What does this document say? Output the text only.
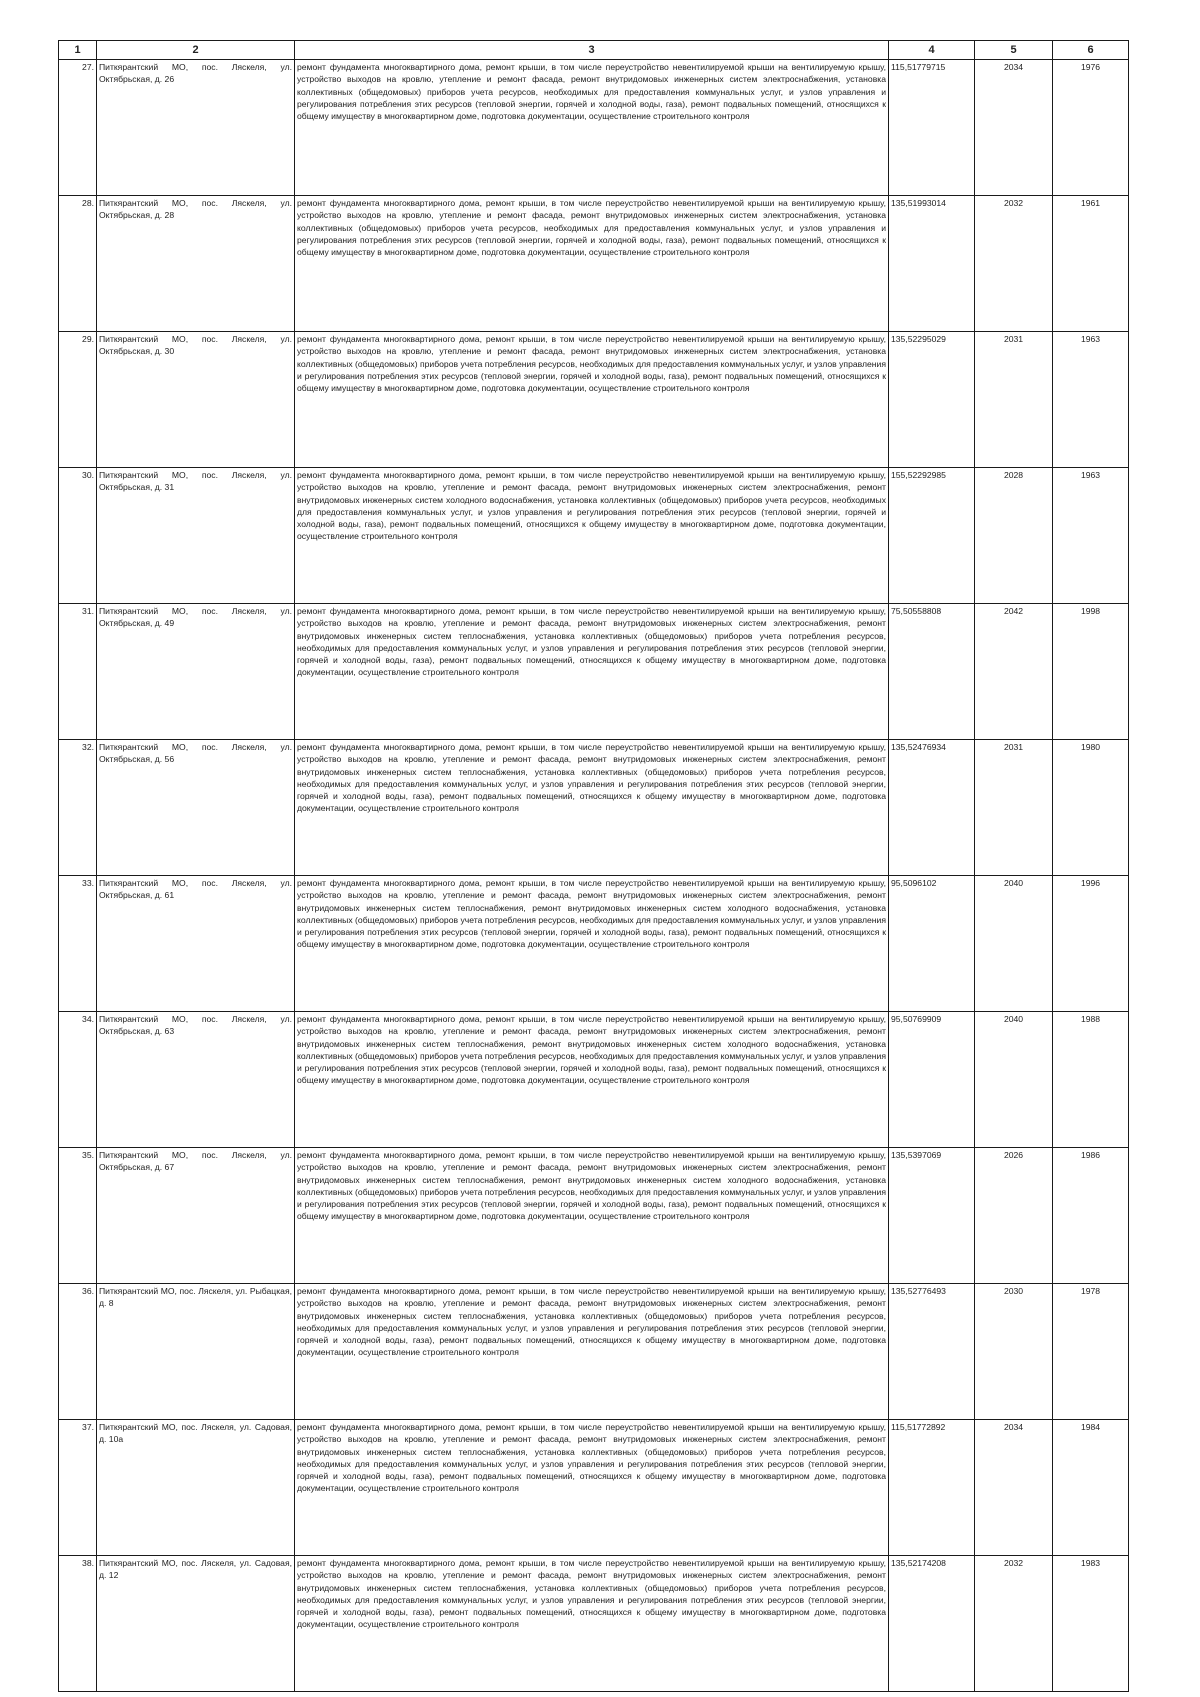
1	2	3	4	5	6
27.	Питкярантский МО, пос. Ляскеля, ул. Октябрьская, д. 26	ремонт фундамента многоквартирного дома, ремонт крыши, в том числе переустройство невентилируемой крыши на вентилируемую крышу, устройство выходов на кровлю, утепление и ремонт фасада, ремонт внутридомовых инженерных систем электроснабжения, установка коллективных (общедомовых) приборов учета ресурсов, необходимых для предоставления коммунальных услуг, и узлов управления и регулирования потребления этих ресурсов (тепловой энергии, горячей и холодной воды, газа), ремонт подвальных помещений, относящихся к общему имуществу в многоквартирном доме, подготовка документации, осуществление строительного контроля	115,51779715	2034	1976
28.	Питкярантский МО, пос. Ляскеля, ул. Октябрьская, д. 28	ремонт фундамента многоквартирного дома, ремонт крыши, в том числе переустройство невентилируемой крыши на вентилируемую крышу, устройство выходов на кровлю, утепление и ремонт фасада, ремонт внутридомовых инженерных систем электроснабжения, установка коллективных (общедомовых) приборов учета ресурсов, необходимых для предоставления коммунальных услуг, и узлов управления и регулирования потребления этих ресурсов (тепловой энергии, горячей и холодной воды, газа), ремонт подвальных помещений, относящихся к общему имуществу в многоквартирном доме, подготовка документации, осуществление строительного контроля	135,51993014	2032	1961
29.	Питкярантский МО, пос. Ляскеля, ул. Октябрьская, д. 30	ремонт фундамента многоквартирного дома, ремонт крыши, в том числе переустройство невентилируемой крыши на вентилируемую крышу, устройство выходов на кровлю, утепление и ремонт фасада, ремонт внутридомовых инженерных систем электроснабжения, установка коллективных (общедомовых) приборов учета потребления ресурсов, необходимых для предоставления коммунальных услуг, и узлов управления и регулирования потребления этих ресурсов (тепловой энергии, горячей и холодной воды, газа), ремонт подвальных помещений, относящихся к общему имуществу в многоквартирном доме, подготовка документации, осуществление строительного контроля	135,52295029	2031	1963
30.	Питкярантский МО, пос. Ляскеля, ул. Октябрьская, д. 31	ремонт фундамента многоквартирного дома, ремонт крыши, в том числе переустройство невентилируемой крыши на вентилируемую крышу, устройство выходов на кровлю, утепление и ремонт фасада, ремонт внутридомовых инженерных систем электроснабжения, ремонт внутридомовых инженерных систем холодного водоснабжения, установка коллективных (общедомовых) приборов учета ресурсов, необходимых для предоставления коммунальных услуг, и узлов управления и регулирования потребления этих ресурсов (тепловой энергии, горячей и холодной воды, газа), ремонт подвальных помещений, относящихся к общему имуществу в многоквартирном доме, подготовка документации, осуществление строительного контроля	155,52292985	2028	1963
31.	Питкярантский МО, пос. Ляскеля, ул. Октябрьская, д. 49	ремонт фундамента многоквартирного дома, ремонт крыши, в том числе переустройство невентилируемой крыши на вентилируемую крышу, устройство выходов на кровлю, утепление и ремонт фасада, ремонт внутридомовых инженерных систем электроснабжения, ремонт внутридомовых инженерных систем теплоснабжения, установка коллективных (общедомовых) приборов учета потребления ресурсов, необходимых для предоставления коммунальных услуг, и узлов управления и регулирования потребления этих ресурсов (тепловой энергии, горячей и холодной воды, газа), ремонт подвальных помещений, относящихся к общему имуществу в многоквартирном доме, подготовка документации, осуществление строительного контроля	75,50558808	2042	1998
32.	Питкярантский МО, пос. Ляскеля, ул. Октябрьская, д. 56	ремонт фундамента многоквартирного дома, ремонт крыши, в том числе переустройство невентилируемой крыши на вентилируемую крышу, устройство выходов на кровлю, утепление и ремонт фасада, ремонт внутридомовых инженерных систем электроснабжения, ремонт внутридомовых инженерных систем теплоснабжения, установка коллективных (общедомовых) приборов учета потребления ресурсов, необходимых для предоставления коммунальных услуг, и узлов управления и регулирования потребления этих ресурсов (тепловой энергии, горячей и холодной воды, газа), ремонт подвальных помещений, относящихся к общему имуществу в многоквартирном доме, подготовка документации, осуществление строительного контроля	135,52476934	2031	1980
33.	Питкярантский МО, пос. Ляскеля, ул. Октябрьская, д. 61	ремонт фундамента многоквартирного дома, ремонт крыши, в том числе переустройство невентилируемой крыши на вентилируемую крышу, устройство выходов на кровлю, утепление и ремонт фасада, ремонт внутридомовых инженерных систем электроснабжения, ремонт внутридомовых инженерных систем теплоснабжения, ремонт внутридомовых инженерных систем холодного водоснабжения, установка коллективных (общедомовых) приборов учета потребления ресурсов, необходимых для предоставления коммунальных услуг, и узлов управления и регулирования потребления этих ресурсов (тепловой энергии, горячей и холодной воды, газа), ремонт подвальных помещений, относящихся к общему имуществу в многоквартирном доме, подготовка документации, осуществление строительного контроля	95,5096102	2040	1996
34.	Питкярантский МО, пос. Ляскеля, ул. Октябрьская, д. 63	ремонт фундамента многоквартирного дома, ремонт крыши, в том числе переустройство невентилируемой крыши на вентилируемую крышу, устройство выходов на кровлю, утепление и ремонт фасада, ремонт внутридомовых инженерных систем электроснабжения, ремонт внутридомовых инженерных систем теплоснабжения, ремонт внутридомовых инженерных систем холодного водоснабжения, установка коллективных (общедомовых) приборов учета потребления ресурсов, необходимых для предоставления коммунальных услуг, и узлов управления и регулирования потребления этих ресурсов (тепловой энергии, горячей и холодной воды, газа), ремонт подвальных помещений, относящихся к общему имуществу в многоквартирном доме, подготовка документации, осуществление строительного контроля	95,50769909	2040	1988
35.	Питкярантский МО, пос. Ляскеля, ул. Октябрьская, д. 67	ремонт фундамента многоквартирного дома, ремонт крыши, в том числе переустройство невентилируемой крыши на вентилируемую крышу, устройство выходов на кровлю, утепление и ремонт фасада, ремонт внутридомовых инженерных систем электроснабжения, ремонт внутридомовых инженерных систем теплоснабжения, ремонт внутридомовых инженерных систем холодного водоснабжения, установка коллективных (общедомовых) приборов учета потребления ресурсов, необходимых для предоставления коммунальных услуг, и узлов управления и регулирования потребления этих ресурсов (тепловой энергии, горячей и холодной воды, газа), ремонт подвальных помещений, относящихся к общему имуществу в многоквартирном доме, подготовка документации, осуществление строительного контроля	135,5397069	2026	1986
36.	Питкярантский МО, пос. Ляскеля, ул. Рыбацкая, д. 8	ремонт фундамента многоквартирного дома, ремонт крыши, в том числе переустройство невентилируемой крыши на вентилируемую крышу, устройство выходов на кровлю, утепление и ремонт фасада, ремонт внутридомовых инженерных систем электроснабжения, ремонт внутридомовых инженерных систем теплоснабжения, установка коллективных (общедомовых) приборов учета потребления ресурсов, необходимых для предоставления коммунальных услуг, и узлов управления и регулирования потребления этих ресурсов (тепловой энергии, горячей и холодной воды, газа), ремонт подвальных помещений, относящихся к общему имуществу в многоквартирном доме, подготовка документации, осуществление строительного контроля	135,52776493	2030	1978
37.	Питкярантский МО, пос. Ляскеля, ул. Садовая, д. 10а	ремонт фундамента многоквартирного дома, ремонт крыши, в том числе переустройство невентилируемой крыши на вентилируемую крышу, устройство выходов на кровлю, утепление и ремонт фасада, ремонт внутридомовых инженерных систем электроснабжения, ремонт внутридомовых инженерных систем теплоснабжения, установка коллективных (общедомовых) приборов учета потребления ресурсов, необходимых для предоставления коммунальных услуг, и узлов управления и регулирования потребления этих ресурсов (тепловой энергии, горячей и холодной воды, газа), ремонт подвальных помещений, относящихся к общему имуществу в многоквартирном доме, подготовка документации, осуществление строительного контроля	115,51772892	2034	1984
38.	Питкярантский МО, пос. Ляскеля, ул. Садовая, д. 12	ремонт фундамента многоквартирного дома, ремонт крыши, в том числе переустройство невентилируемой крыши на вентилируемую крышу, устройство выходов на кровлю, утепление и ремонт фасада, ремонт внутридомовых инженерных систем электроснабжения, ремонт внутридомовых инженерных систем теплоснабжения, установка коллективных (общедомовых) приборов учета потребления ресурсов, необходимых для предоставления коммунальных услуг, и узлов управления и регулирования потребления этих ресурсов (тепловой энергии, горячей и холодной воды, газа), ремонт подвальных помещений, относящихся к общему имуществу в многоквартирном доме, подготовка документации, осуществление строительного контроля	135,52174208	2032	1983
